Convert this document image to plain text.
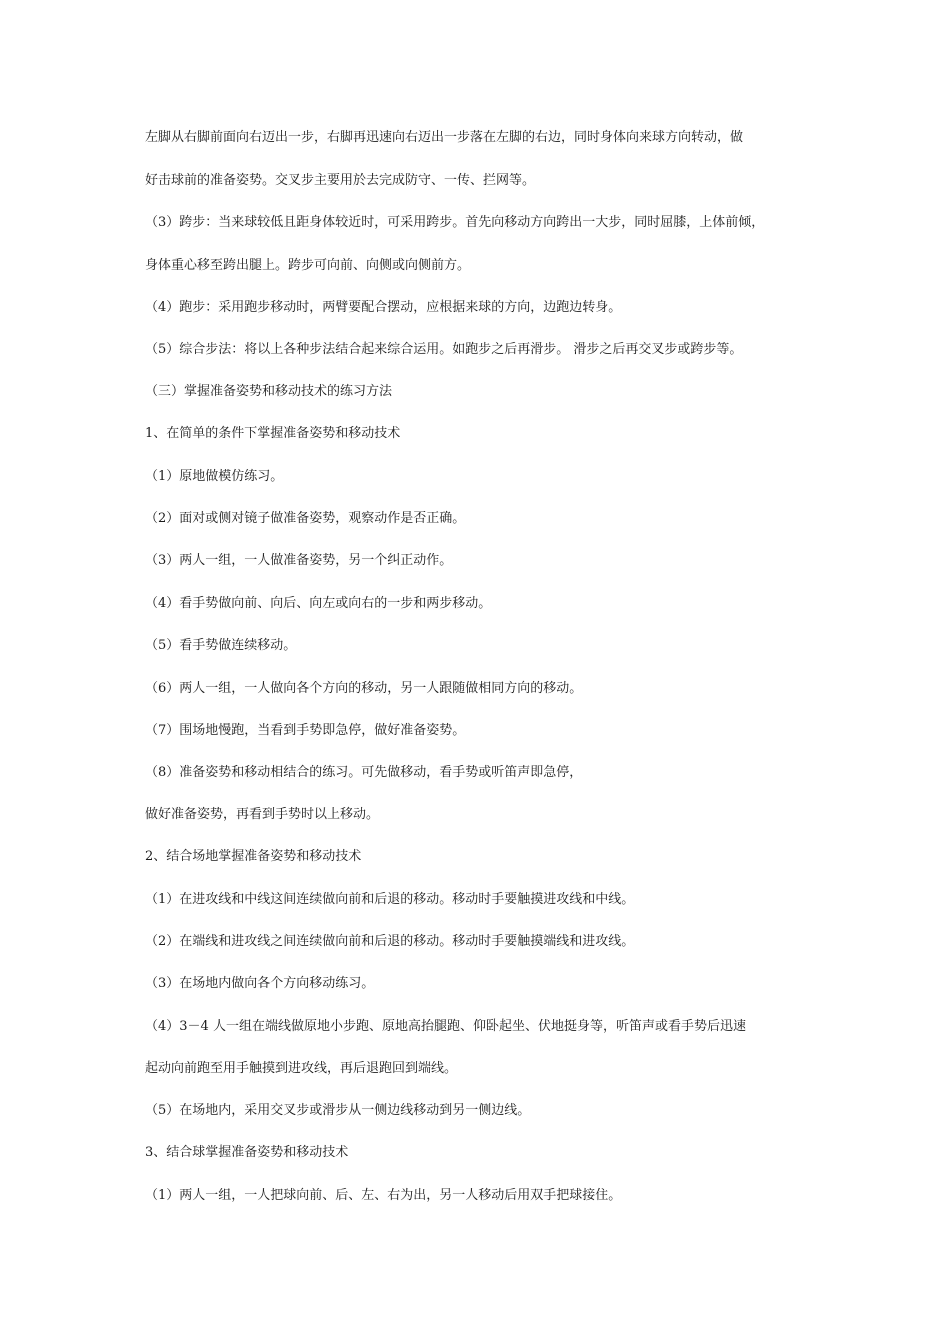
左脚从右脚前面向右迈出一步，右脚再迅速向右迈出一步落在左脚的右边，同时身体向来球方向转动，做
好击球前的准备姿势。交叉步主要用於去完成防守、一传、拦网等。
（3）跨步：当来球较低且距身体较近时，可采用跨步。首先向移动方向跨出一大步，同时屈膝，上体前倾，
身体重心移至跨出腿上。跨步可向前、向侧或向侧前方。
（4）跑步：采用跑步移动时，两臂要配合摆动，应根据来球的方向，边跑边转身。
（5）综合步法：将以上各种步法结合起来综合运用。如跑步之后再滑步。 滑步之后再交叉步或跨步等。
（三）掌握准备姿势和移动技术的练习方法
1、在简单的条件下掌握准备姿势和移动技术
（1）原地做模仿练习。
（2）面对或侧对镜子做准备姿势，观察动作是否正确。
（3）两人一组，一人做准备姿势，另一个纠正动作。
（4）看手势做向前、向后、向左或向右的一步和两步移动。
（5）看手势做连续移动。
（6）两人一组，一人做向各个方向的移动，另一人跟随做相同方向的移动。
（7）围场地慢跑，当看到手势即急停，做好准备姿势。
（8）准备姿势和移动相结合的练习。可先做移动，看手势或听笛声即急停，
做好准备姿势，再看到手势时以上移动。
2、结合场地掌握准备姿势和移动技术
（1）在进攻线和中线这间连续做向前和后退的移动。移动时手要触摸进攻线和中线。
（2）在端线和进攻线之间连续做向前和后退的移动。移动时手要触摸端线和进攻线。
（3）在场地内做向各个方向移动练习。
（4）3－4 人一组在端线做原地小步跑、原地高抬腿跑、仰卧起坐、伏地挺身等，听笛声或看手势后迅速
起动向前跑至用手触摸到进攻线，再后退跑回到端线。
（5）在场地内，采用交叉步或滑步从一侧边线移动到另一侧边线。
3、结合球掌握准备姿势和移动技术
（1）两人一组，一人把球向前、后、左、右为出，另一人移动后用双手把球接住。
